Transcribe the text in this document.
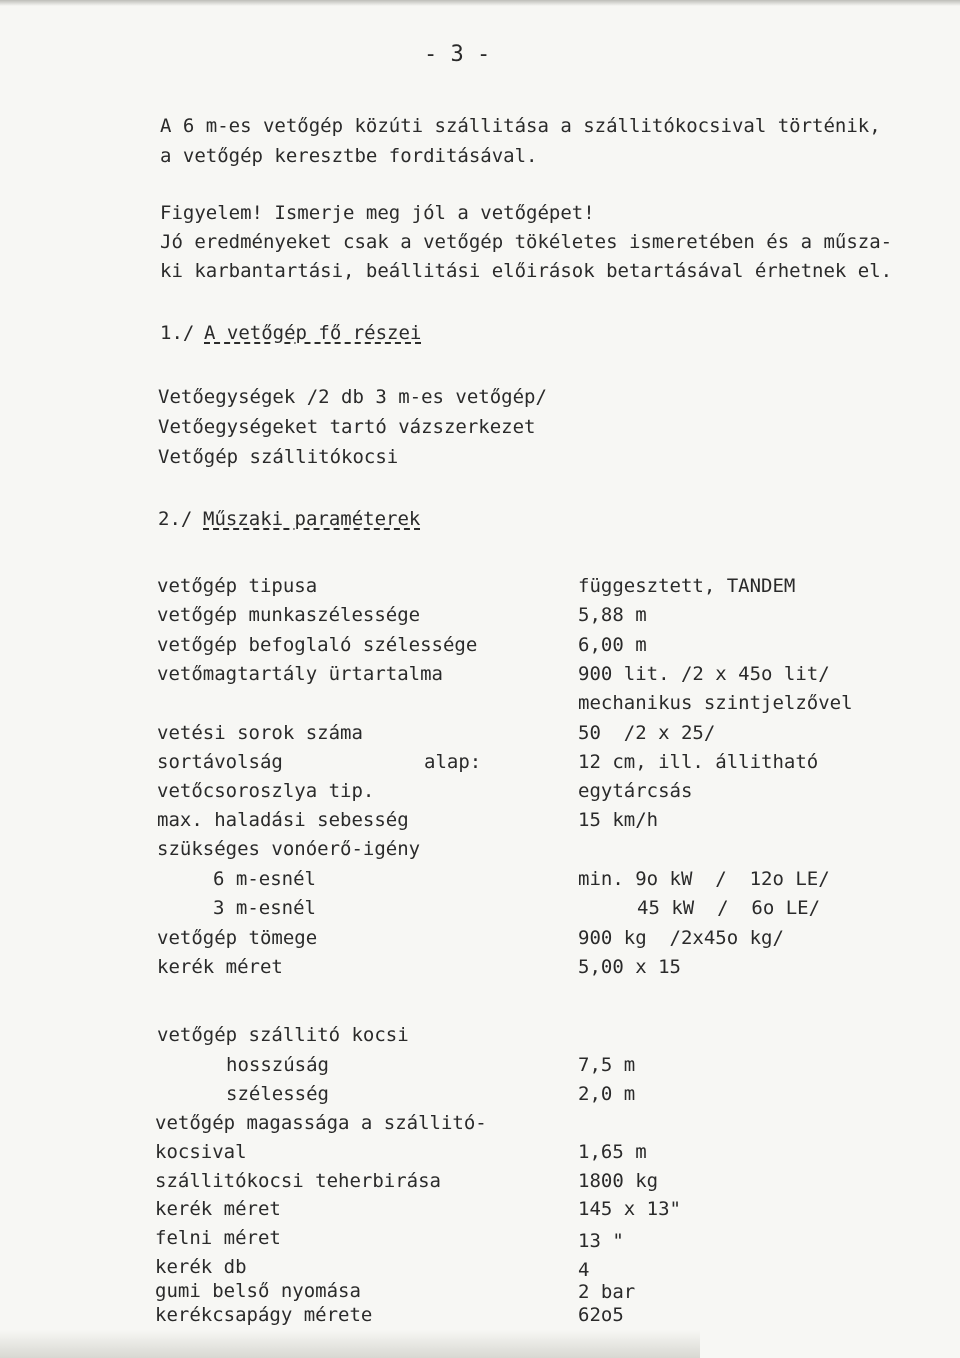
- 3 -
A 6 m-es vetőgép közúti szállitása a szállitókocsival történik,
a vetőgép keresztbe forditásával.
Figyelem! Ismerje meg jól a vetőgépet!
Jó eredményeket csak a vetőgép tökéletes ismeretében és a műsza-
ki karbantartási, beállitási előirások betartásával érhetnek el.
1./ A vetőgép fő részei
Vetőegységek /2 db 3 m-es vetőgép/
Vetőegységeket tartó vázszerkezet
Vetőgép szállitókocsi
2./ Műszaki paraméterek
vetőgép tipusa	függesztett, TANDEM
vetőgép munkaszélessége	5,88 m
vetőgép befoglaló szélessége	6,00 m
vetőmagtartály ürtartalma	900 lit. /2 x 45o lit/
mechanikus szintjelzővel
vetési sorok száma	50  /2 x 25/
sortávolság	alap:	12 cm, ill. állitható
vetőcsoroszlya tip.	egytárcsás
max. haladási sebesség	15 km/h
szükséges vonóerő-igény
6 m-esnél	min. 9o kW  /  12o LE/
3 m-esnél	45 kW  /  6o LE/
vetőgép tömege	900 kg  /2x45o kg/
kerék méret	5,00 x 15
vetőgép szállitó kocsi
hosszúság	7,5 m
szélesség	2,0 m
vetőgép magassága a szállitó-
kocsival	1,65 m
szállitókocsi teherbirása	1800 kg
kerék méret	145 x 13"
felni méret	13 "
kerék db	4
gumi belső nyomása	2 bar
kerékcsapágy mérete	62o5
